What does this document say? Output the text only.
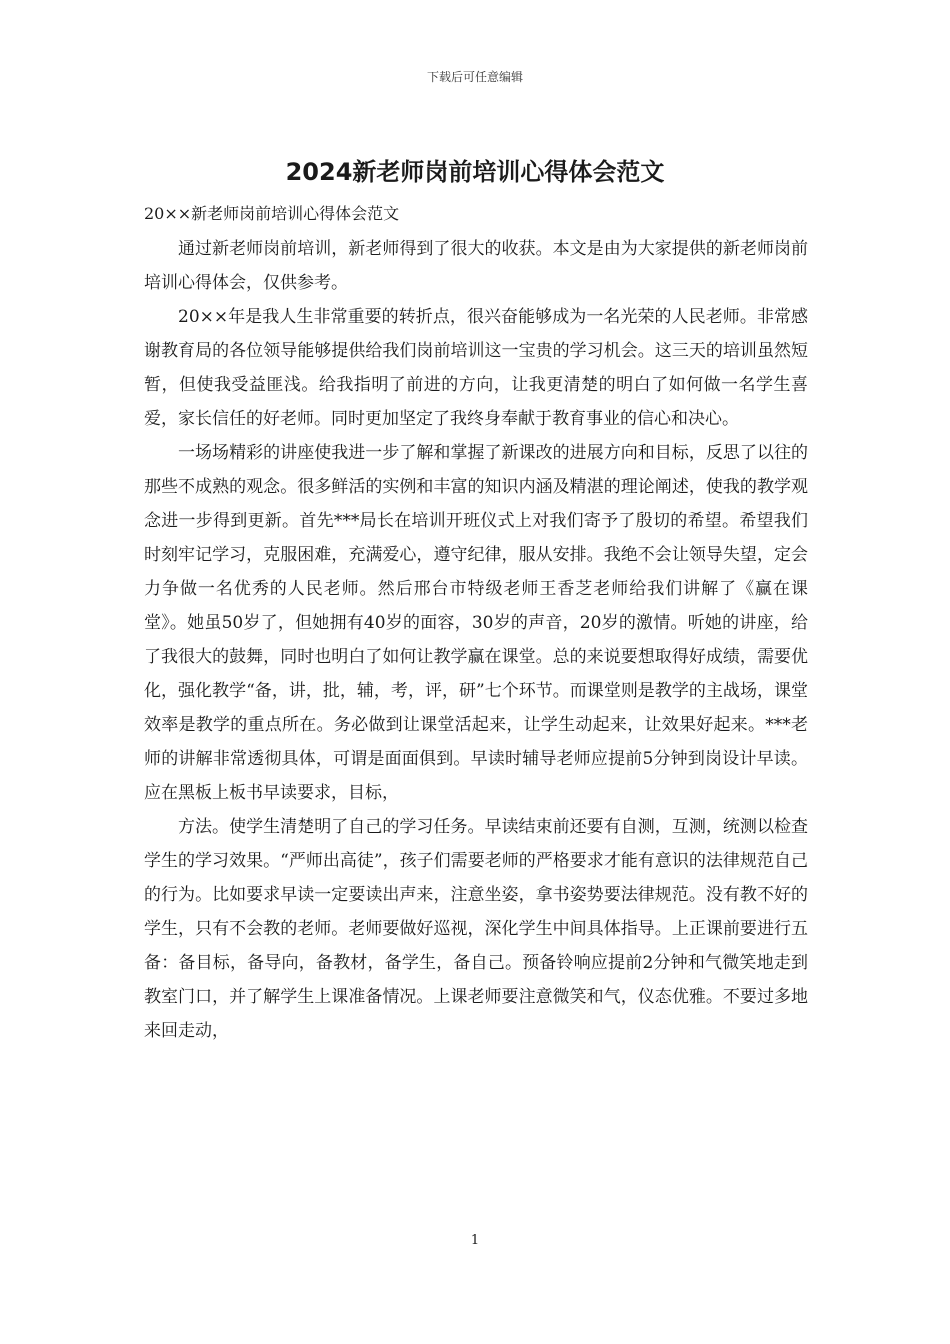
下载后可任意编辑
2024新老师岗前培训心得体会范文

20××新老师岗前培训心得体会范文

通过新老师岗前培训，新老师得到了很大的收获。本文是由为大家提供的新老师岗前培训心得体会，仅供参考。

20××年是我人生非常重要的转折点，很兴奋能够成为一名光荣的人民老师。非常感谢教育局的各位领导能够提供给我们岗前培训这一宝贵的学习机会。这三天的培训虽然短暂，但使我受益匪浅。给我指明了前进的方向，让我更清楚的明白了如何做一名学生喜爱，家长信任的好老师。同时更加坚定了我终身奉献于教育事业的信心和决心。

一场场精彩的讲座使我进一步了解和掌握了新课改的进展方向和目标，反思了以往的那些不成熟的观念。很多鲜活的实例和丰富的知识内涵及精湛的理论阐述，使我的教学观念进一步得到更新。首先***局长在培训开班仪式上对我们寄予了殷切的希望。希望我们时刻牢记学习，克服困难，充满爱心，遵守纪律，服从安排。我绝不会让领导失望，定会力争做一名优秀的人民老师。然后邢台市特级老师王香芝老师给我们讲解了《赢在课堂》。她虽50岁了，但她拥有40岁的面容，30岁的声音，20岁的激情。听她的讲座，给了我很大的鼓舞，同时也明白了如何让教学赢在课堂。总的来说要想取得好成绩，需要优化，强化教学“备，讲，批，辅，考，评，研”七个环节。而课堂则是教学的主战场，课堂效率是教学的重点所在。务必做到让课堂活起来，让学生动起来，让效果好起来。***老师的讲解非常透彻具体，可谓是面面俱到。早读时辅导老师应提前5分钟到岗设计早读。应在黑板上板书早读要求，目标，

方法。使学生清楚明了自己的学习任务。早读结束前还要有自测，互测，统测以检查学生的学习效果。“严师出高徒”，孩子们需要老师的严格要求才能有意识的法律规范自己的行为。比如要求早读一定要读出声来，注意坐姿，拿书姿势要法律规范。没有教不好的学生，只有不会教的老师。老师要做好巡视，深化学生中间具体指导。上正课前要进行五备：备目标，备导向，备教材，备学生，备自己。预备铃响应提前2分钟和气微笑地走到教室门口，并了解学生上课准备情况。上课老师要注意微笑和气，仪态优雅。不要过多地来回走动，

1
